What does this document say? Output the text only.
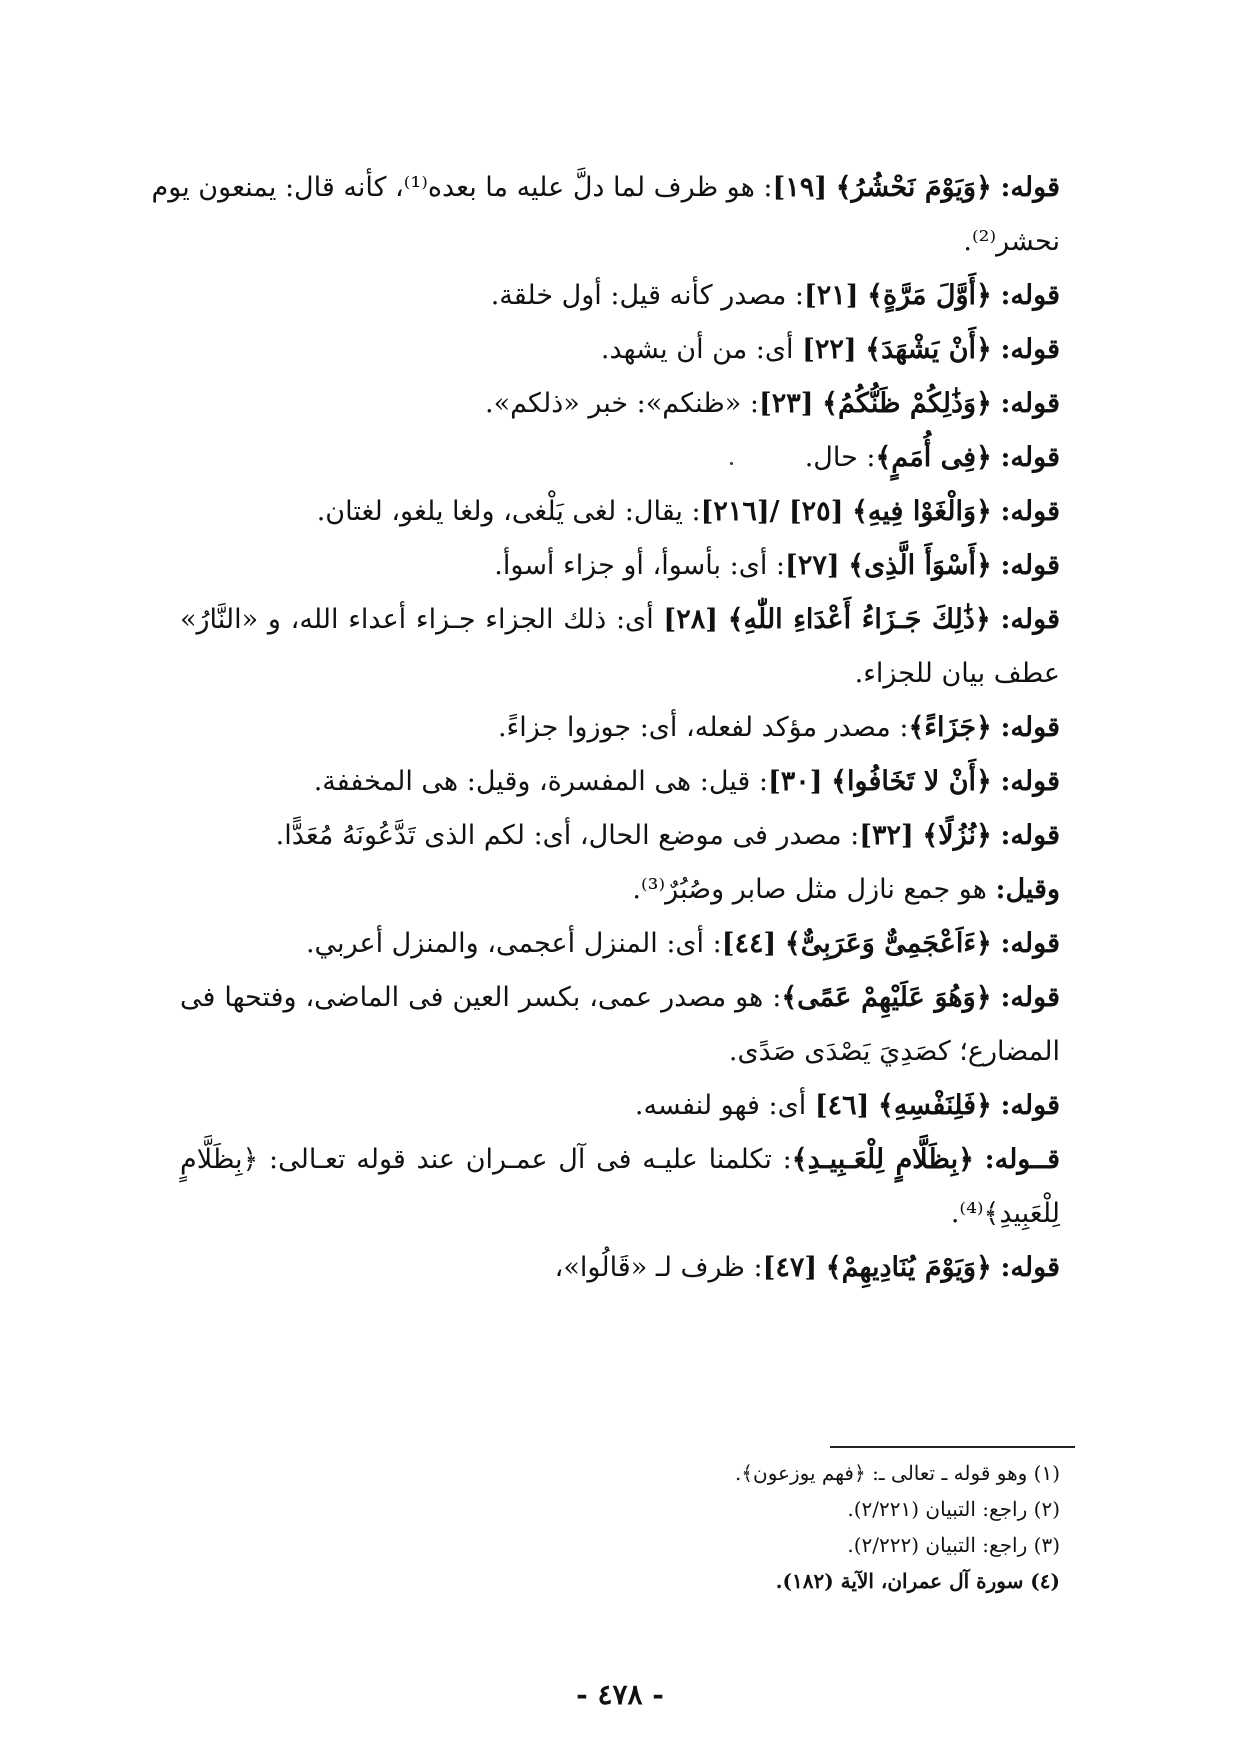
قوله: ﴿وَيَوْمَ نَحْشُرُ﴾ [١٩]: هو ظرف لما دلَّ عليه ما بعده⁽¹⁾، كأنه قال: يمنعون يوم
نحشر⁽²⁾.
قوله: ﴿أَوَّلَ مَرَّةٍ﴾ [٢١]: مصدر كأنه قيل: أول خلقة.
قوله: ﴿أَنْ يَشْهَدَ﴾ [٢٢] أى: من أن يشهد.
قوله: ﴿وَذَٰلِكُمْ ظَنُّكُمُ﴾ [٢٣]: «ظنكم»: خبر «ذلكم».
قوله: ﴿فِى أُمَمٍ﴾: حال.
قوله: ﴿وَالْغَوْا فِيهِ﴾ [٢٥] /[٢١٦]: يقال: لغى يَلْغى، ولغا يلغو، لغتان.
قوله: ﴿أَسْوَأَ الَّذِى﴾ [٢٧]: أى: بأسوأ، أو جزاء أسوأ.
قوله: ﴿ذَٰلِكَ جَـزَاءُ أَعْدَاءِ اللّٰهِ﴾ [٢٨] أى: ذلك الجزاء جـزاء أعداء الله، و «النَّارُ»
عطف بيان للجزاء.
قوله: ﴿جَزَاءً﴾: مصدر مؤكد لفعله، أى: جوزوا جزاءً.
قوله: ﴿أَنْ لا تَخَافُوا﴾ [٣٠]: قيل: هى المفسرة، وقيل: هى المخففة.
قوله: ﴿نُزُلًا﴾ [٣٢]: مصدر فى موضع الحال، أى: لكم الذى تَدَّعُونَهُ مُعَدًّا.
وقيل: هو جمع نازل مثل صابر وصُبُرٌ⁽³⁾.
قوله: ﴿ءَاَعْجَمِىٌّ وَعَرَبِىٌّ﴾ [٤٤]: أى: المنزل أعجمى، والمنزل أعربي.
قوله: ﴿وَهُوَ عَلَيْهِمْ عَمًى﴾: هو مصدر عمى، بكسر العين فى الماضى، وفتحها فى
المضارع؛ كصَدِيَ يَصْدَى صَدًى.
قوله: ﴿فَلِنَفْسِهِ﴾ [٤٦] أى: فهو لنفسه.
قــوله: ﴿بِظَلَّامٍ لِلْعَـبِيـدِ﴾: تكلمنا عليـه فى آل عمـران عند قوله تعـالى: ﴿بِظَلَّامٍ
لِلْعَبِيدِ﴾⁽⁴⁾.
قوله: ﴿وَيَوْمَ يُنَادِيهِمْ﴾ [٤٧]: ظرف لـ «قَالُوا»،
(١) وهو قوله ـ تعالى ـ: ﴿فهم يوزعون﴾.
(٢) راجع: التبيان (٢/٢٢١).
(٣) راجع: التبيان (٢/٢٢٢).
(٤) سورة آل عمران، الآية (١٨٢).
- ٤٧٨ -
